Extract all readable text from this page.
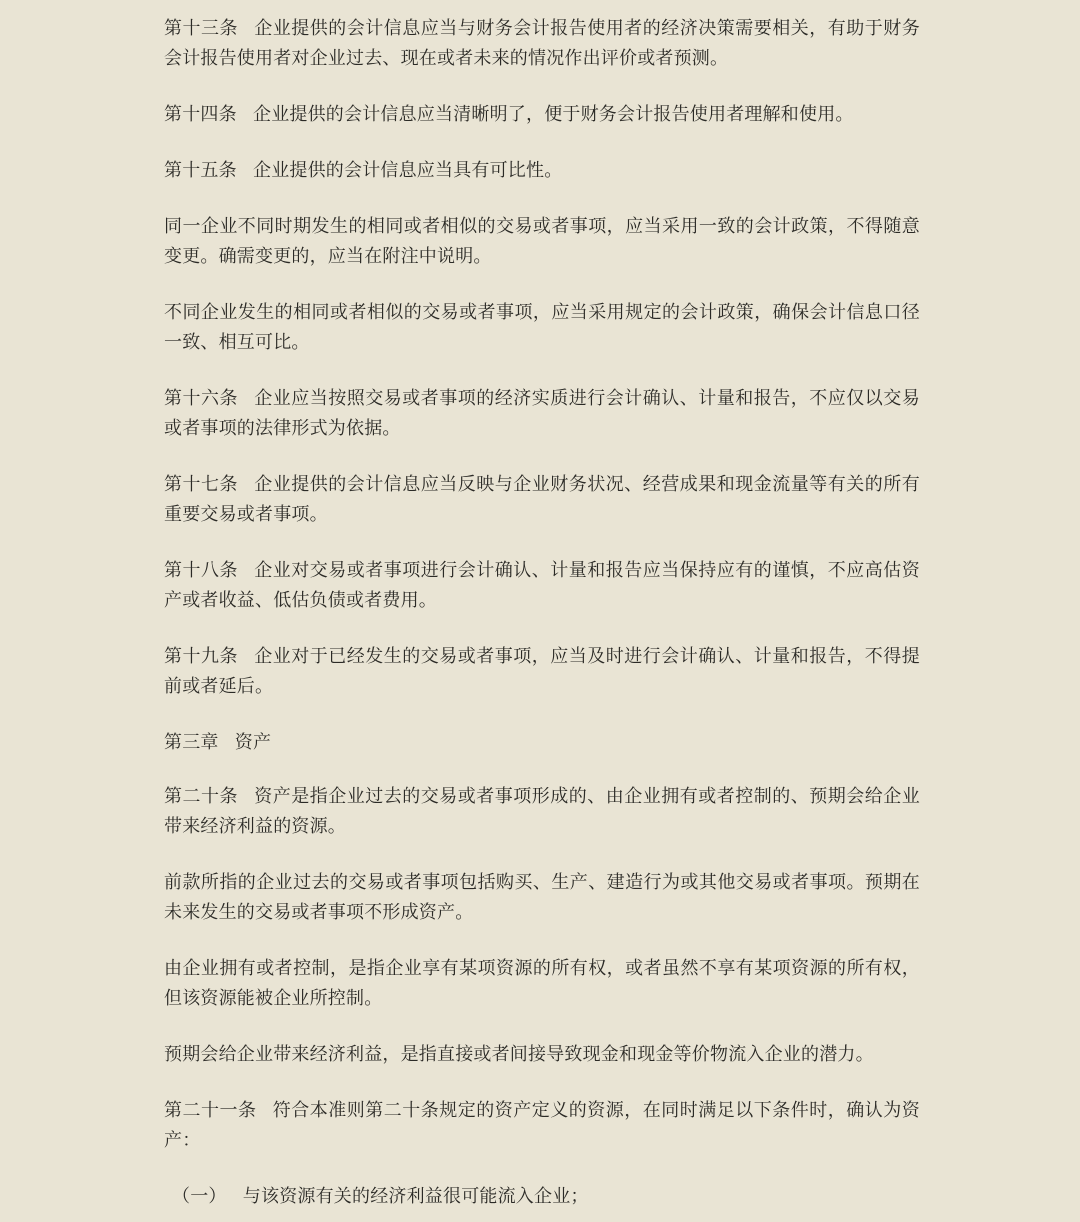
第十三条 企业提供的会计信息应当与财务会计报告使用者的经济决策需要相关，有助于财务会计报告使用者对企业过去、现在或者未来的情况作出评价或者预测。

第十四条 企业提供的会计信息应当清晰明了，便于财务会计报告使用者理解和使用。

第十五条 企业提供的会计信息应当具有可比性。

同一企业不同时期发生的相同或者相似的交易或者事项，应当采用一致的会计政策，不得随意变更。确需变更的，应当在附注中说明。

不同企业发生的相同或者相似的交易或者事项，应当采用规定的会计政策，确保会计信息口径一致、相互可比。

第十六条 企业应当按照交易或者事项的经济实质进行会计确认、计量和报告，不应仅以交易或者事项的法律形式为依据。

第十七条 企业提供的会计信息应当反映与企业财务状况、经营成果和现金流量等有关的所有重要交易或者事项。

第十八条 企业对交易或者事项进行会计确认、计量和报告应当保持应有的谨慎，不应高估资产或者收益、低估负债或者费用。

第十九条 企业对于已经发生的交易或者事项，应当及时进行会计确认、计量和报告，不得提前或者延后。

第三章 资产

第二十条 资产是指企业过去的交易或者事项形成的、由企业拥有或者控制的、预期会给企业带来经济利益的资源。

前款所指的企业过去的交易或者事项包括购买、生产、建造行为或其他交易或者事项。预期在未来发生的交易或者事项不形成资产。

由企业拥有或者控制，是指企业享有某项资源的所有权，或者虽然不享有某项资源的所有权，但该资源能被企业所控制。

预期会给企业带来经济利益，是指直接或者间接导致现金和现金等价物流入企业的潜力。

第二十一条 符合本准则第二十条规定的资产定义的资源，在同时满足以下条件时，确认为资产：

（一） 与该资源有关的经济利益很可能流入企业；
